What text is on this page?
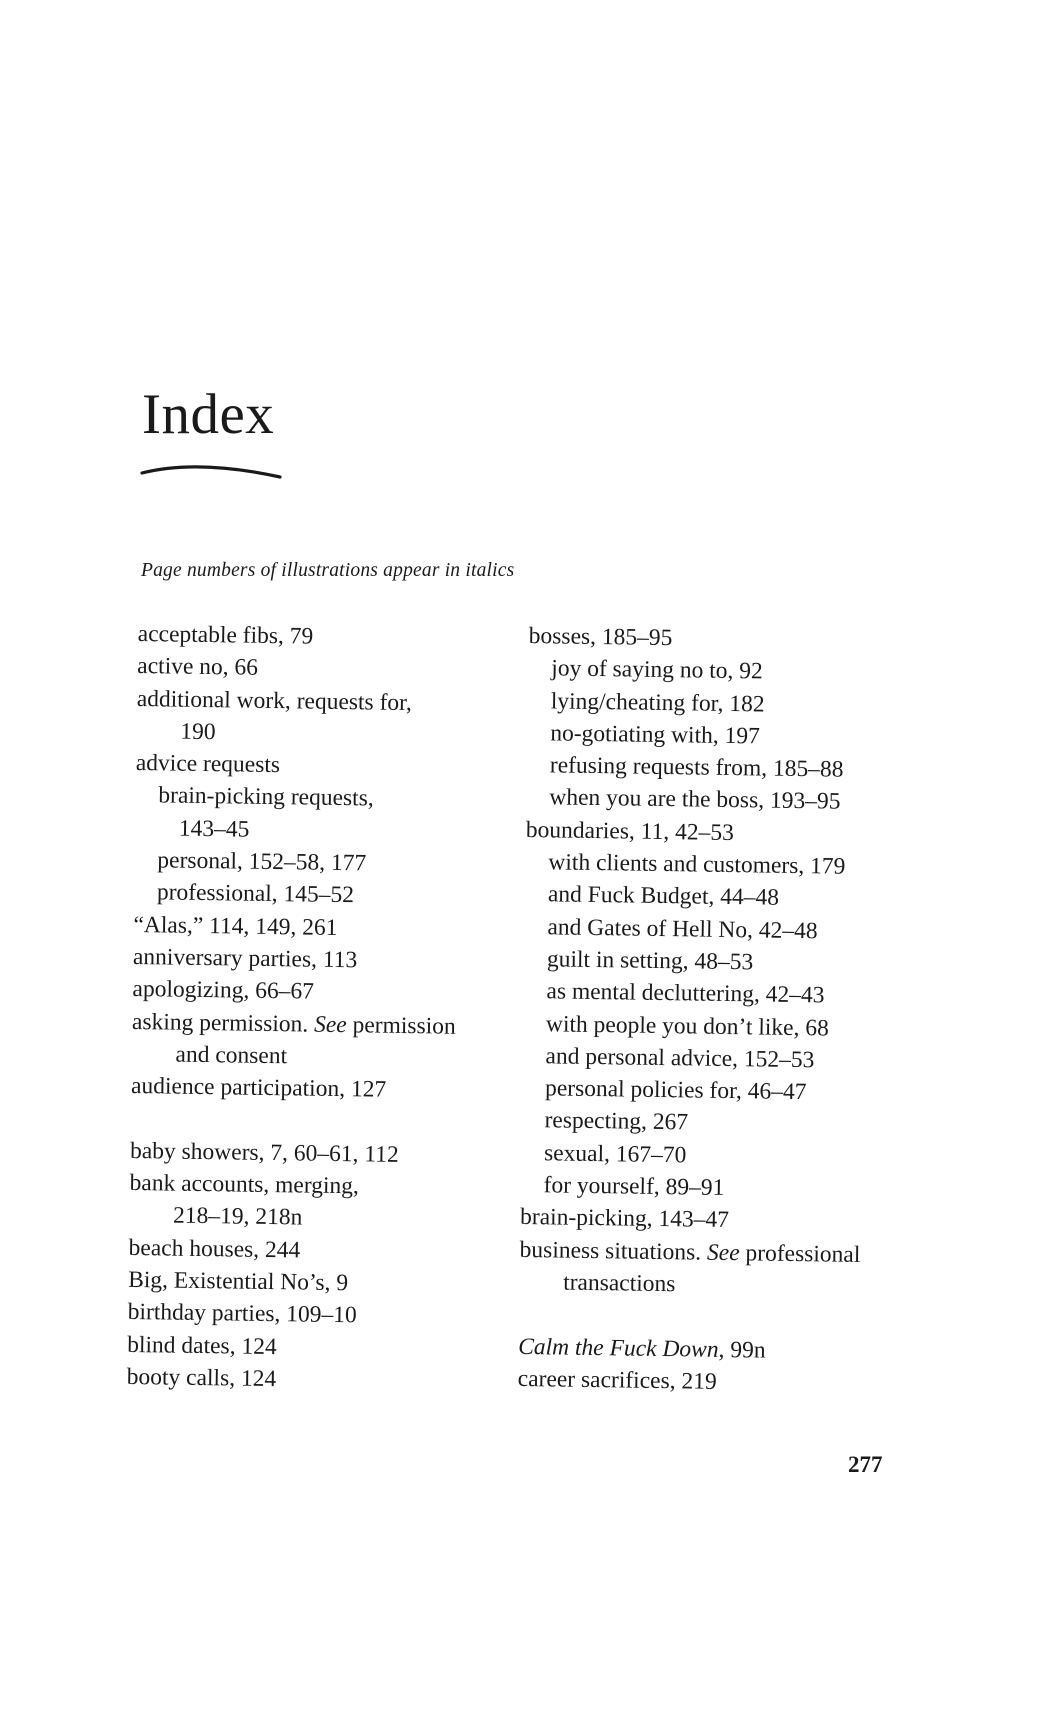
Index
Page numbers of illustrations appear in italics
acceptable fibs, 79
active no, 66
additional work, requests for,
190
advice requests
brain-picking requests,
143–45
personal, 152–58, 177
professional, 145–52
“Alas,” 114, 149, 261
anniversary parties, 113
apologizing, 66–67
asking permission. See permission
and consent
audience participation, 127
baby showers, 7, 60–61, 112
bank accounts, merging,
218–19, 218n
beach houses, 244
Big, Existential No’s, 9
birthday parties, 109–10
blind dates, 124
booty calls, 124
bosses, 185–95
joy of saying no to, 92
lying/cheating for, 182
no-gotiating with, 197
refusing requests from, 185–88
when you are the boss, 193–95
boundaries, 11, 42–53
with clients and customers, 179
and Fuck Budget, 44–48
and Gates of Hell No, 42–48
guilt in setting, 48–53
as mental decluttering, 42–43
with people you don’t like, 68
and personal advice, 152–53
personal policies for, 46–47
respecting, 267
sexual, 167–70
for yourself, 89–91
brain-picking, 143–47
business situations. See professional
transactions
Calm the Fuck Down, 99n
career sacrifices, 219
277
